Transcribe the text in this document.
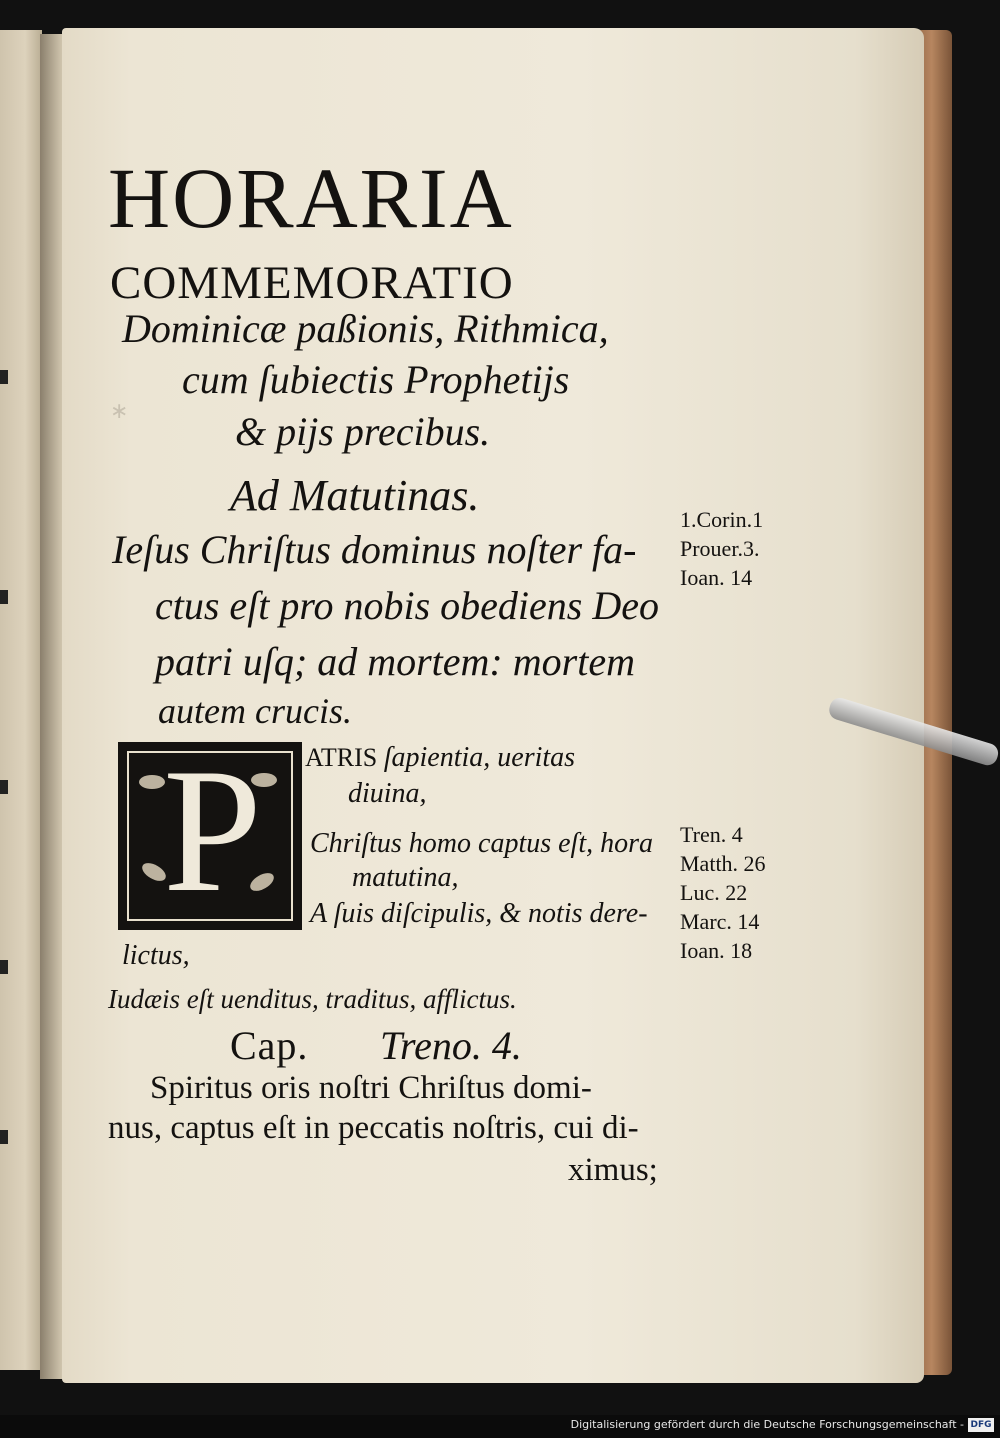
∗
HORARIA
COMMEMORATIO
Dominicæ paßionis, Rithmica,
cum ſubiectis Prophetijs
& pijs precibus.
Ad Matutinas.
Ieſus Chriſtus dominus noſter fa-
ctus eſt pro nobis obediens Deo
patri uſq; ad mortem: mortem
autem crucis.
P ATRIS ſapientia, ueritas
diuina,
Chriſtus homo captus eſt, hora
matutina,
A ſuis diſcipulis, & notis dere-
lictus,
Iudæis eſt uenditus, traditus, afflictus.
Cap. Treno. 4.
Spiritus oris noſtri Chriſtus domi-
nus, captus eſt in peccatis noſtris, cui di-
ximus;
1.Corin.1
Prouer.3.
Ioan. 14
Tren. 4
Matth. 26
Luc. 22
Marc. 14
Ioan. 18
Digitalisierung gefördert durch die Deutsche Forschungsgemeinschaft - DFG
